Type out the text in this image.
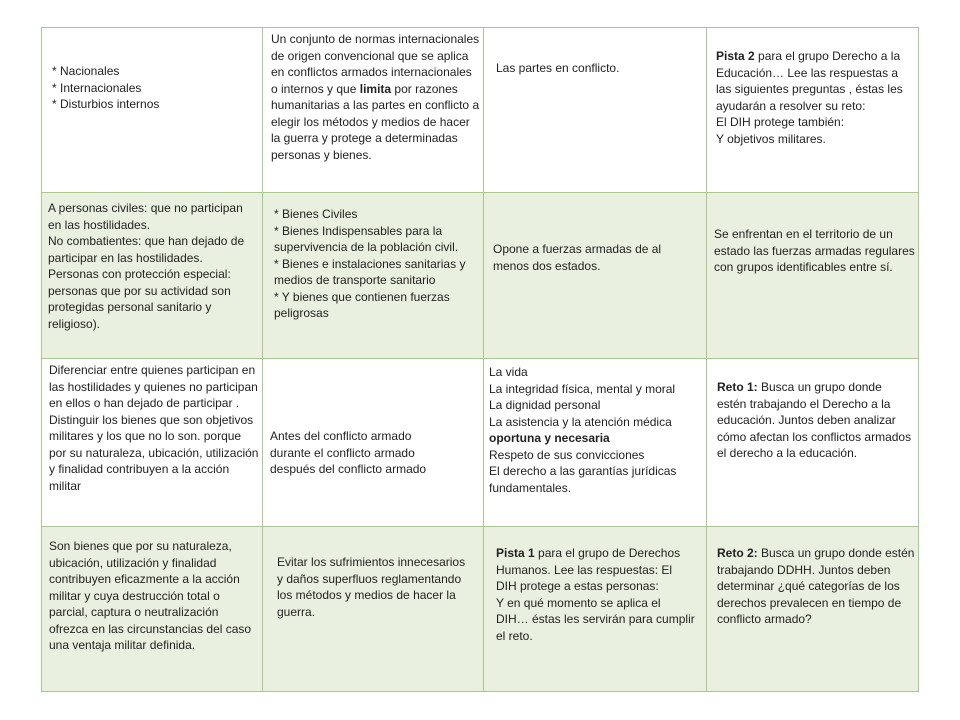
* Nacionales
* Internacionales
* Disturbios internos
Un conjunto de normas internacionales de origen convencional que se aplica en conflictos armados internacionales o internos y que limita por razones humanitarias a las partes en conflicto a elegir los métodos y medios de hacer la guerra y protege a determinadas personas y bienes.
Las partes en conflicto.
Pista 2 para el grupo Derecho a la Educación… Lee las respuestas a las siguientes preguntas , éstas les ayudarán a resolver su reto:
El DIH protege también:
Y objetivos militares.
A personas civiles: que no participan en las hostilidades.
No combatientes: que han dejado de participar en las hostilidades.
Personas con protección especial: personas que por su actividad son protegidas personal sanitario y religioso).
* Bienes Civiles
* Bienes Indispensables para la supervivencia de la población civil.
* Bienes e instalaciones sanitarias y medios de transporte sanitario
* Y bienes que contienen fuerzas peligrosas
Opone a fuerzas armadas de al menos dos estados.
Se enfrentan en el territorio de un estado las fuerzas armadas regulares con grupos identificables entre sí.
Diferenciar entre quienes participan en las hostilidades y quienes no participan en ellos o han dejado de participar .
Distinguir los bienes que son objetivos militares y los que no lo son. porque por su naturaleza, ubicación, utilización y finalidad contribuyen a la acción militar
Antes del conflicto armado
durante el conflicto armado
después del conflicto armado
La vida
La integridad física, mental y moral
La dignidad personal
La asistencia y la atención médica oportuna y necesaria
Respeto de sus convicciones
El derecho a las garantías jurídicas fundamentales.
Reto 1: Busca un grupo donde estén trabajando el Derecho a la educación. Juntos deben analizar cómo afectan los conflictos armados el derecho a la educación.
Son bienes que por su naturaleza, ubicación, utilización y finalidad contribuyen eficazmente a la acción militar y cuya destrucción total o parcial, captura o neutralización ofrezca en las circunstancias del caso una ventaja militar definida.
Evitar los sufrimientos innecesarios y daños superfluos reglamentando los métodos y medios de hacer la guerra.
Pista 1 para el grupo de Derechos Humanos. Lee las respuestas: El DIH protege a estas personas:
Y en qué momento se aplica el DIH… éstas les servirán para cumplir el reto.
Reto 2: Busca un grupo donde estén trabajando DDHH. Juntos deben determinar ¿qué categorías de los derechos prevalecen en tiempo de conflicto armado?
